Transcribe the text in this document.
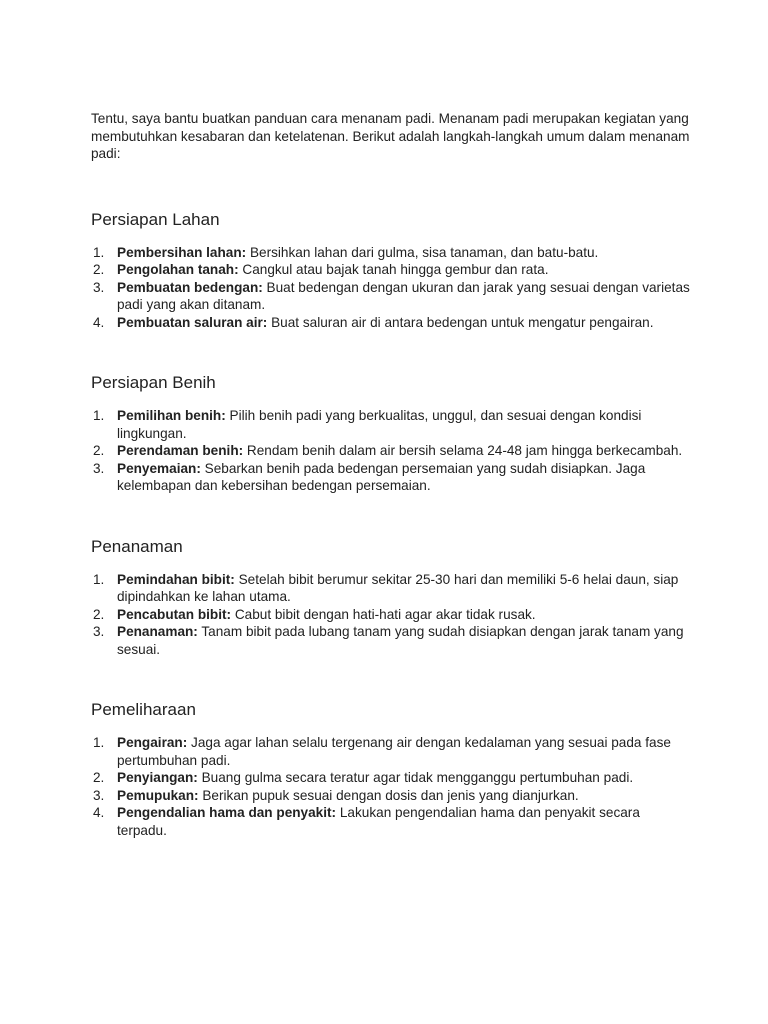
Tentu, saya bantu buatkan panduan cara menanam padi. Menanam padi merupakan kegiatan yang membutuhkan kesabaran dan ketelatenan. Berikut adalah langkah-langkah umum dalam menanam padi:

Persiapan Lahan
1. Pembersihan lahan: Bersihkan lahan dari gulma, sisa tanaman, dan batu-batu.
2. Pengolahan tanah: Cangkul atau bajak tanah hingga gembur dan rata.
3. Pembuatan bedengan: Buat bedengan dengan ukuran dan jarak yang sesuai dengan varietas padi yang akan ditanam.
4. Pembuatan saluran air: Buat saluran air di antara bedengan untuk mengatur pengairan.
Persiapan Benih
1. Pemilihan benih: Pilih benih padi yang berkualitas, unggul, dan sesuai dengan kondisi lingkungan.
2. Perendaman benih: Rendam benih dalam air bersih selama 24-48 jam hingga berkecambah.
3. Penyemaian: Sebarkan benih pada bedengan persemaian yang sudah disiapkan. Jaga kelembapan dan kebersihan bedengan persemaian.
Penanaman
1. Pemindahan bibit: Setelah bibit berumur sekitar 25-30 hari dan memiliki 5-6 helai daun, siap dipindahkan ke lahan utama.
2. Pencabutan bibit: Cabut bibit dengan hati-hati agar akar tidak rusak.
3. Penanaman: Tanam bibit pada lubang tanam yang sudah disiapkan dengan jarak tanam yang sesuai.
Pemeliharaan
1. Pengairan: Jaga agar lahan selalu tergenang air dengan kedalaman yang sesuai pada fase pertumbuhan padi.
2. Penyiangan: Buang gulma secara teratur agar tidak mengganggu pertumbuhan padi.
3. Pemupukan: Berikan pupuk sesuai dengan dosis dan jenis yang dianjurkan.
4. Pengendalian hama dan penyakit: Lakukan pengendalian hama dan penyakit secara terpadu.
